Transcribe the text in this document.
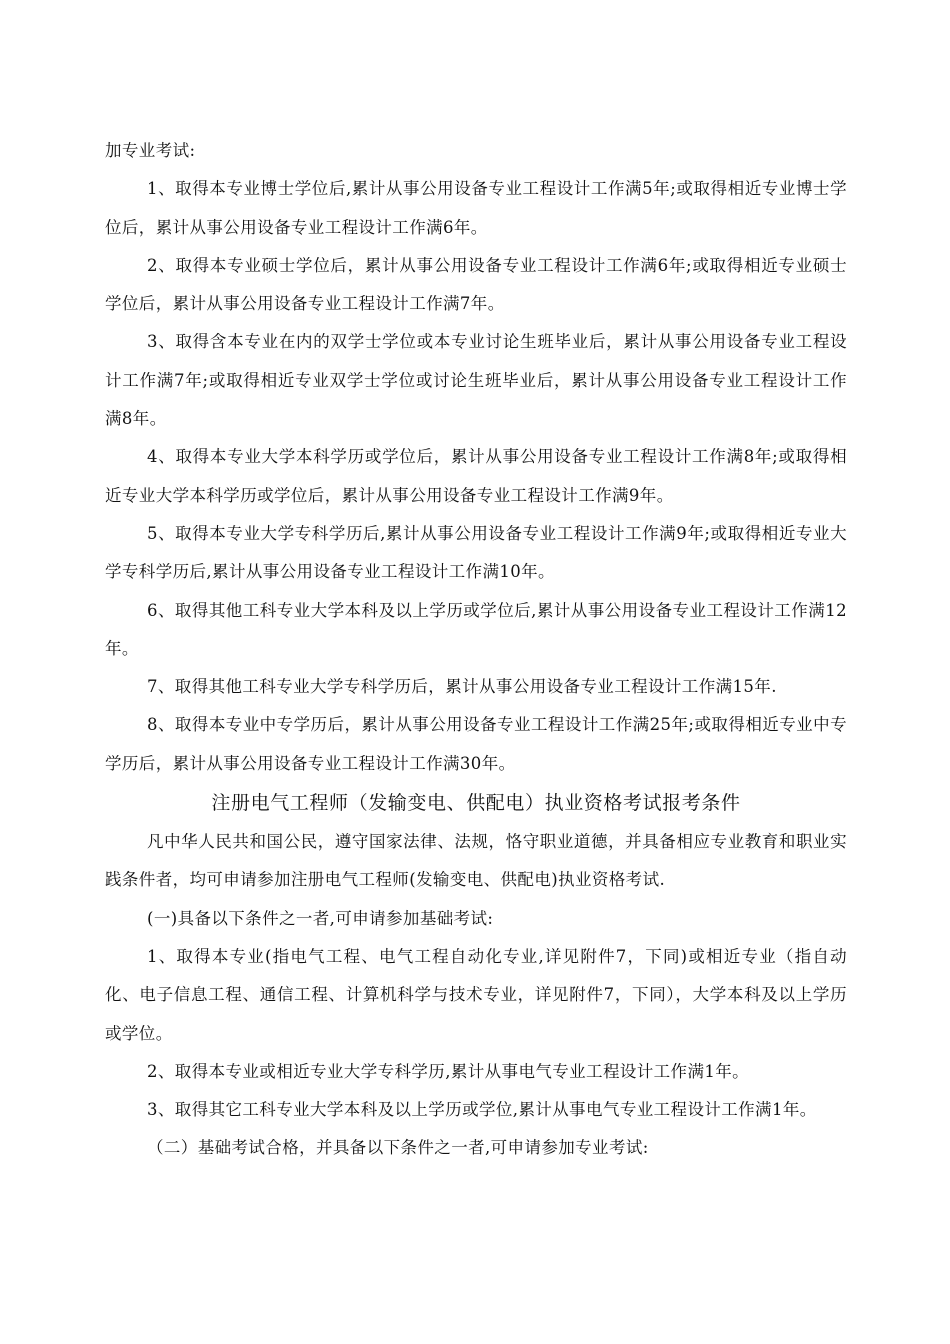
加专业考试:

1、取得本专业博士学位后,累计从事公用设备专业工程设计工作满5年;或取得相近专业博士学位后，累计从事公用设备专业工程设计工作满6年。

2、取得本专业硕士学位后，累计从事公用设备专业工程设计工作满6年;或取得相近专业硕士学位后，累计从事公用设备专业工程设计工作满7年。

3、取得含本专业在内的双学士学位或本专业讨论生班毕业后，累计从事公用设备专业工程设计工作满7年;或取得相近专业双学士学位或讨论生班毕业后，累计从事公用设备专业工程设计工作满8年。

4、取得本专业大学本科学历或学位后，累计从事公用设备专业工程设计工作满8年;或取得相近专业大学本科学历或学位后，累计从事公用设备专业工程设计工作满9年。

5、取得本专业大学专科学历后,累计从事公用设备专业工程设计工作满9年;或取得相近专业大学专科学历后,累计从事公用设备专业工程设计工作满10年。

6、取得其他工科专业大学本科及以上学历或学位后,累计从事公用设备专业工程设计工作满12年。

7、取得其他工科专业大学专科学历后，累计从事公用设备专业工程设计工作满15年.

8、取得本专业中专学历后，累计从事公用设备专业工程设计工作满25年;或取得相近专业中专学历后，累计从事公用设备专业工程设计工作满30年。

注册电气工程师（发输变电、供配电）执业资格考试报考条件

凡中华人民共和国公民，遵守国家法律、法规，恪守职业道德，并具备相应专业教育和职业实践条件者，均可申请参加注册电气工程师(发输变电、供配电)执业资格考试.

(一)具备以下条件之一者,可申请参加基础考试:

1、取得本专业(指电气工程、电气工程自动化专业,详见附件7，下同)或相近专业（指自动化、电子信息工程、通信工程、计算机科学与技术专业，详见附件7，下同），大学本科及以上学历或学位。

2、取得本专业或相近专业大学专科学历,累计从事电气专业工程设计工作满1年。

3、取得其它工科专业大学本科及以上学历或学位,累计从事电气专业工程设计工作满1年。

（二）基础考试合格，并具备以下条件之一者,可申请参加专业考试:
